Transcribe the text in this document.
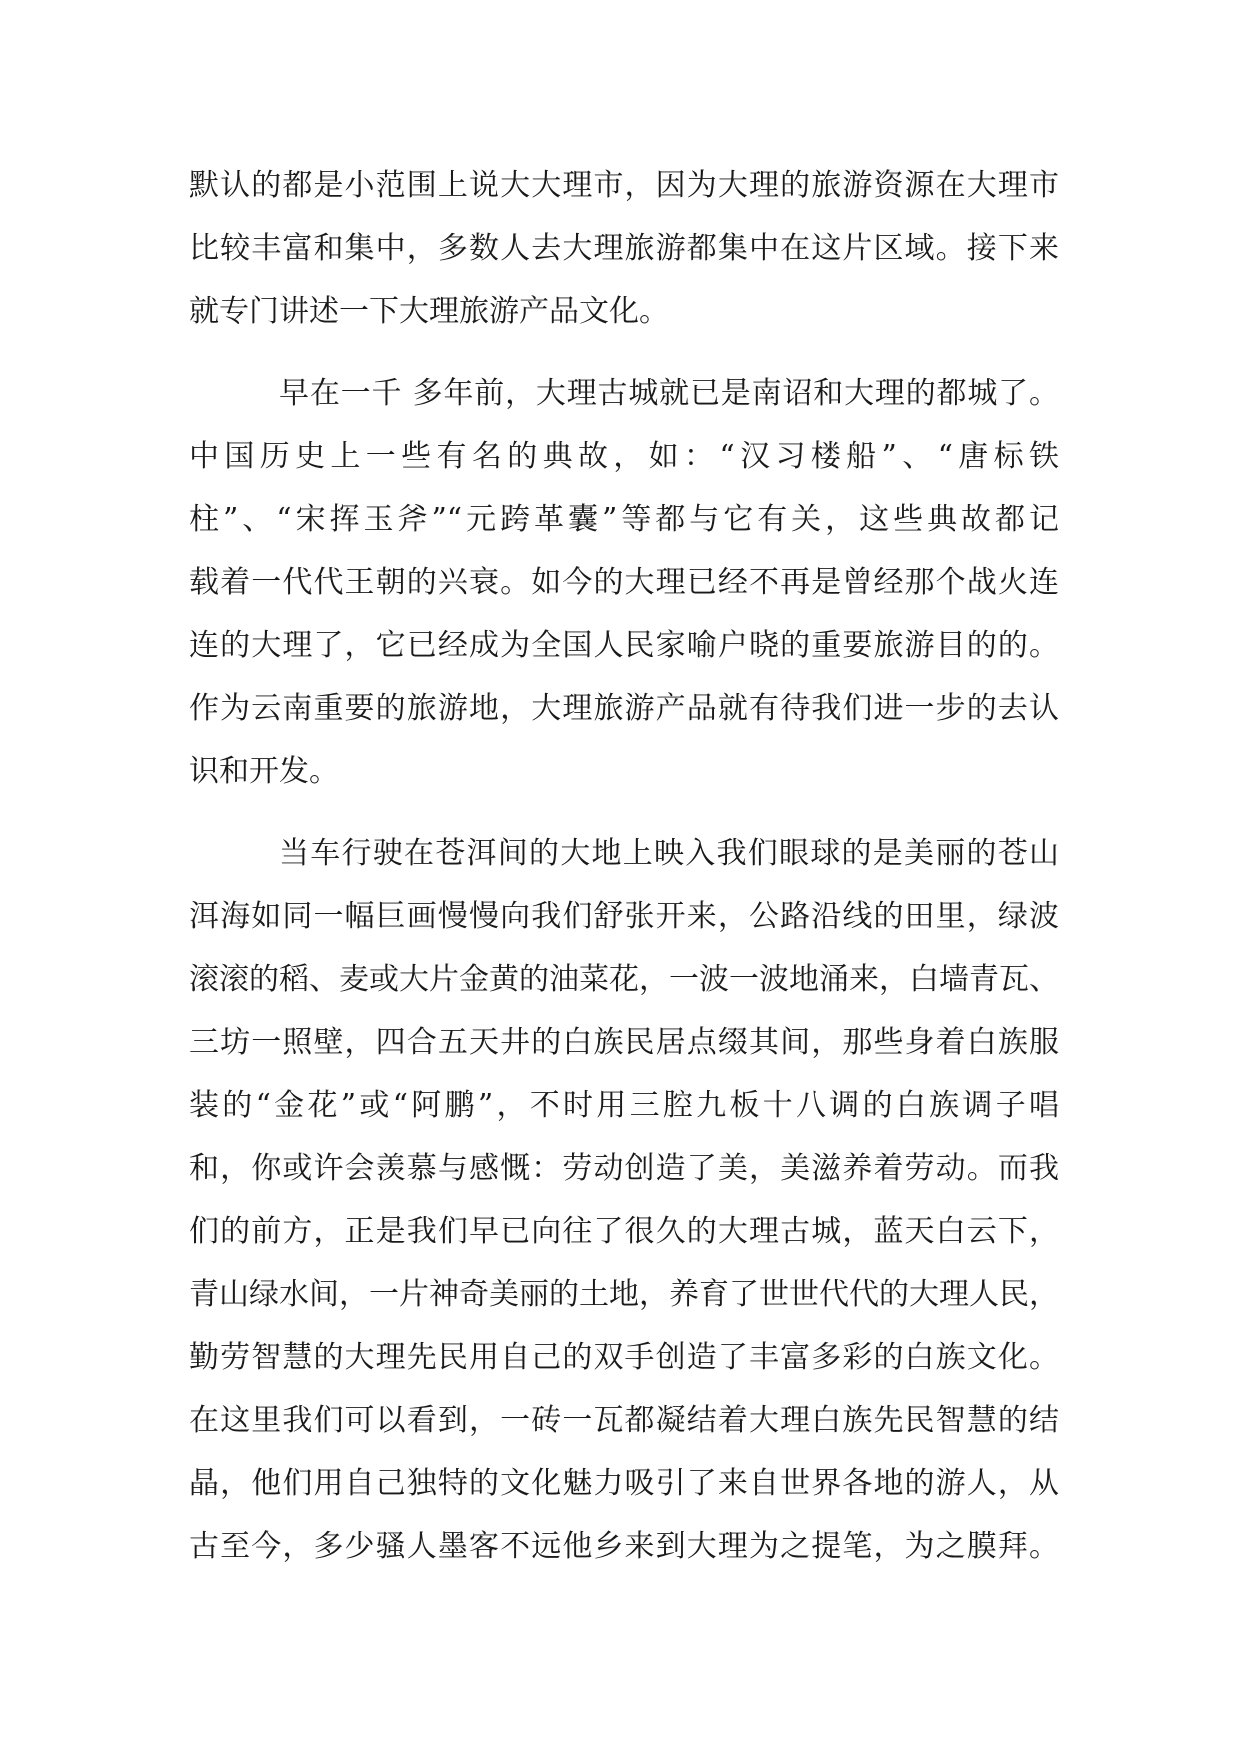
默认的都是小范围上说大大理市，因为大理的旅游资源在大理市
比较丰富和集中，多数人去大理旅游都集中在这片区域。接下来
就专门讲述一下大理旅游产品文化。
早在一千 多年前，大理古城就已是南诏和大理的都城了。
中国历史上一些有名的典故，如：“汉习楼船”、“唐标铁
柱”、“宋挥玉斧”“元跨革囊”等都与它有关，这些典故都记
载着一代代王朝的兴衰。如今的大理已经不再是曾经那个战火连
连的大理了，它已经成为全国人民家喻户晓的重要旅游目的的。
作为云南重要的旅游地，大理旅游产品就有待我们进一步的去认
识和开发。
当车行驶在苍洱间的大地上映入我们眼球的是美丽的苍山
洱海如同一幅巨画慢慢向我们舒张开来，公路沿线的田里，绿波
滚滚的稻、麦或大片金黄的油菜花，一波一波地涌来，白墙青瓦、
三坊一照壁，四合五天井的白族民居点缀其间，那些身着白族服
装的“金花”或“阿鹏”，不时用三腔九板十八调的白族调子唱
和，你或许会羡慕与感慨：劳动创造了美，美滋养着劳动。而我
们的前方，正是我们早已向往了很久的大理古城，蓝天白云下，
青山绿水间，一片神奇美丽的土地，养育了世世代代的大理人民，
勤劳智慧的大理先民用自己的双手创造了丰富多彩的白族文化。
在这里我们可以看到，一砖一瓦都凝结着大理白族先民智慧的结
晶，他们用自己独特的文化魅力吸引了来自世界各地的游人，从
古至今，多少骚人墨客不远他乡来到大理为之提笔，为之膜拜。
